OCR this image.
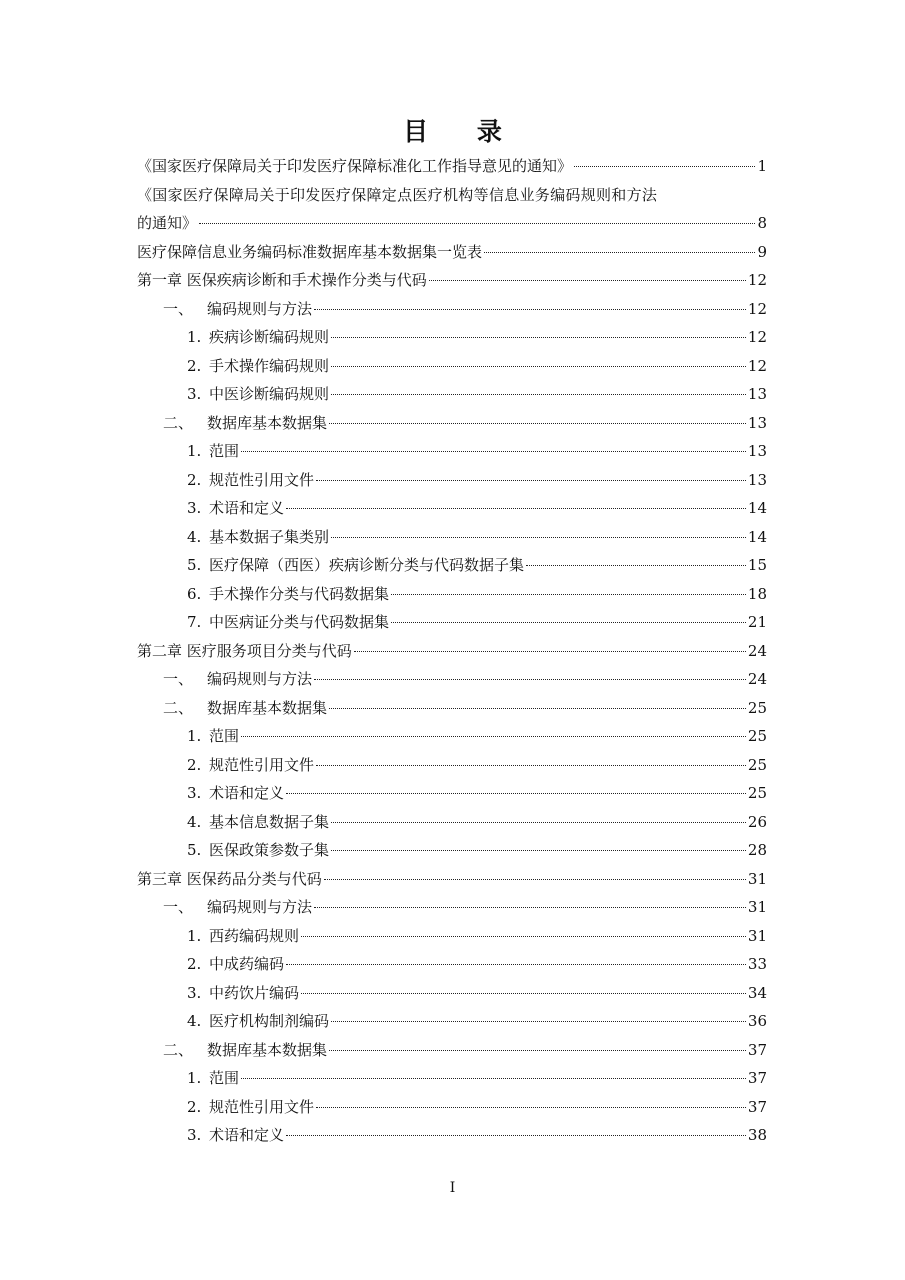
目 录
《国家医疗保障局关于印发医疗保障标准化工作指导意见的通知》	1
《国家医疗保障局关于印发医疗保障定点医疗机构等信息业务编码规则和方法
的通知》	8
医疗保障信息业务编码标准数据库基本数据集一览表	9
第一章 医保疾病诊断和手术操作分类与代码	12
一、 编码规则与方法	12
1. 疾病诊断编码规则	12
2. 手术操作编码规则	12
3. 中医诊断编码规则	13
二、 数据库基本数据集	13
1. 范围	13
2. 规范性引用文件	13
3. 术语和定义	14
4. 基本数据子集类别	14
5. 医疗保障（西医）疾病诊断分类与代码数据子集	15
6. 手术操作分类与代码数据集	18
7. 中医病证分类与代码数据集	21
第二章 医疗服务项目分类与代码	24
一、 编码规则与方法	24
二、 数据库基本数据集	25
1. 范围	25
2. 规范性引用文件	25
3. 术语和定义	25
4. 基本信息数据子集	26
5. 医保政策参数子集	28
第三章 医保药品分类与代码	31
一、 编码规则与方法	31
1. 西药编码规则	31
2. 中成药编码	33
3. 中药饮片编码	34
4. 医疗机构制剂编码	36
二、 数据库基本数据集	37
1. 范围	37
2. 规范性引用文件	37
3. 术语和定义	38
I
